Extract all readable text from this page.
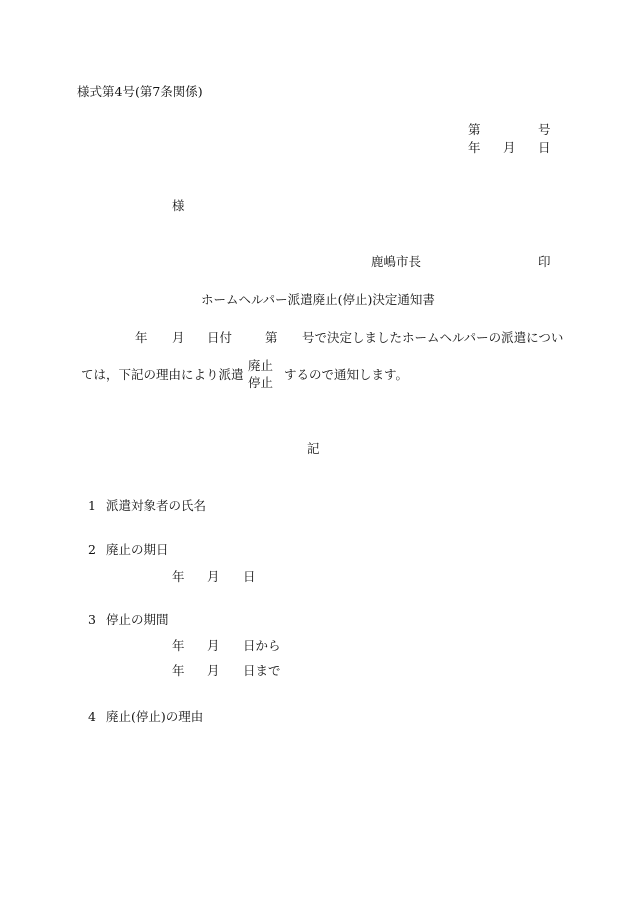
様式第4号(第7条関係)
第	号
年 月 日
様
鹿嶋市長	印
ホームヘルパー派遣廃止(停止)決定通知書
年 月 日付	第 号で決定しましたホームヘルパーの派遣につい
ては，下記の理由により派遣
廃止
停止
するので通知します。
記
1 派遣対象者の氏名
2 廃止の期日
年 月 日
3 停止の期間
年 月 日から
年 月 日まで
4 廃止(停止)の理由
